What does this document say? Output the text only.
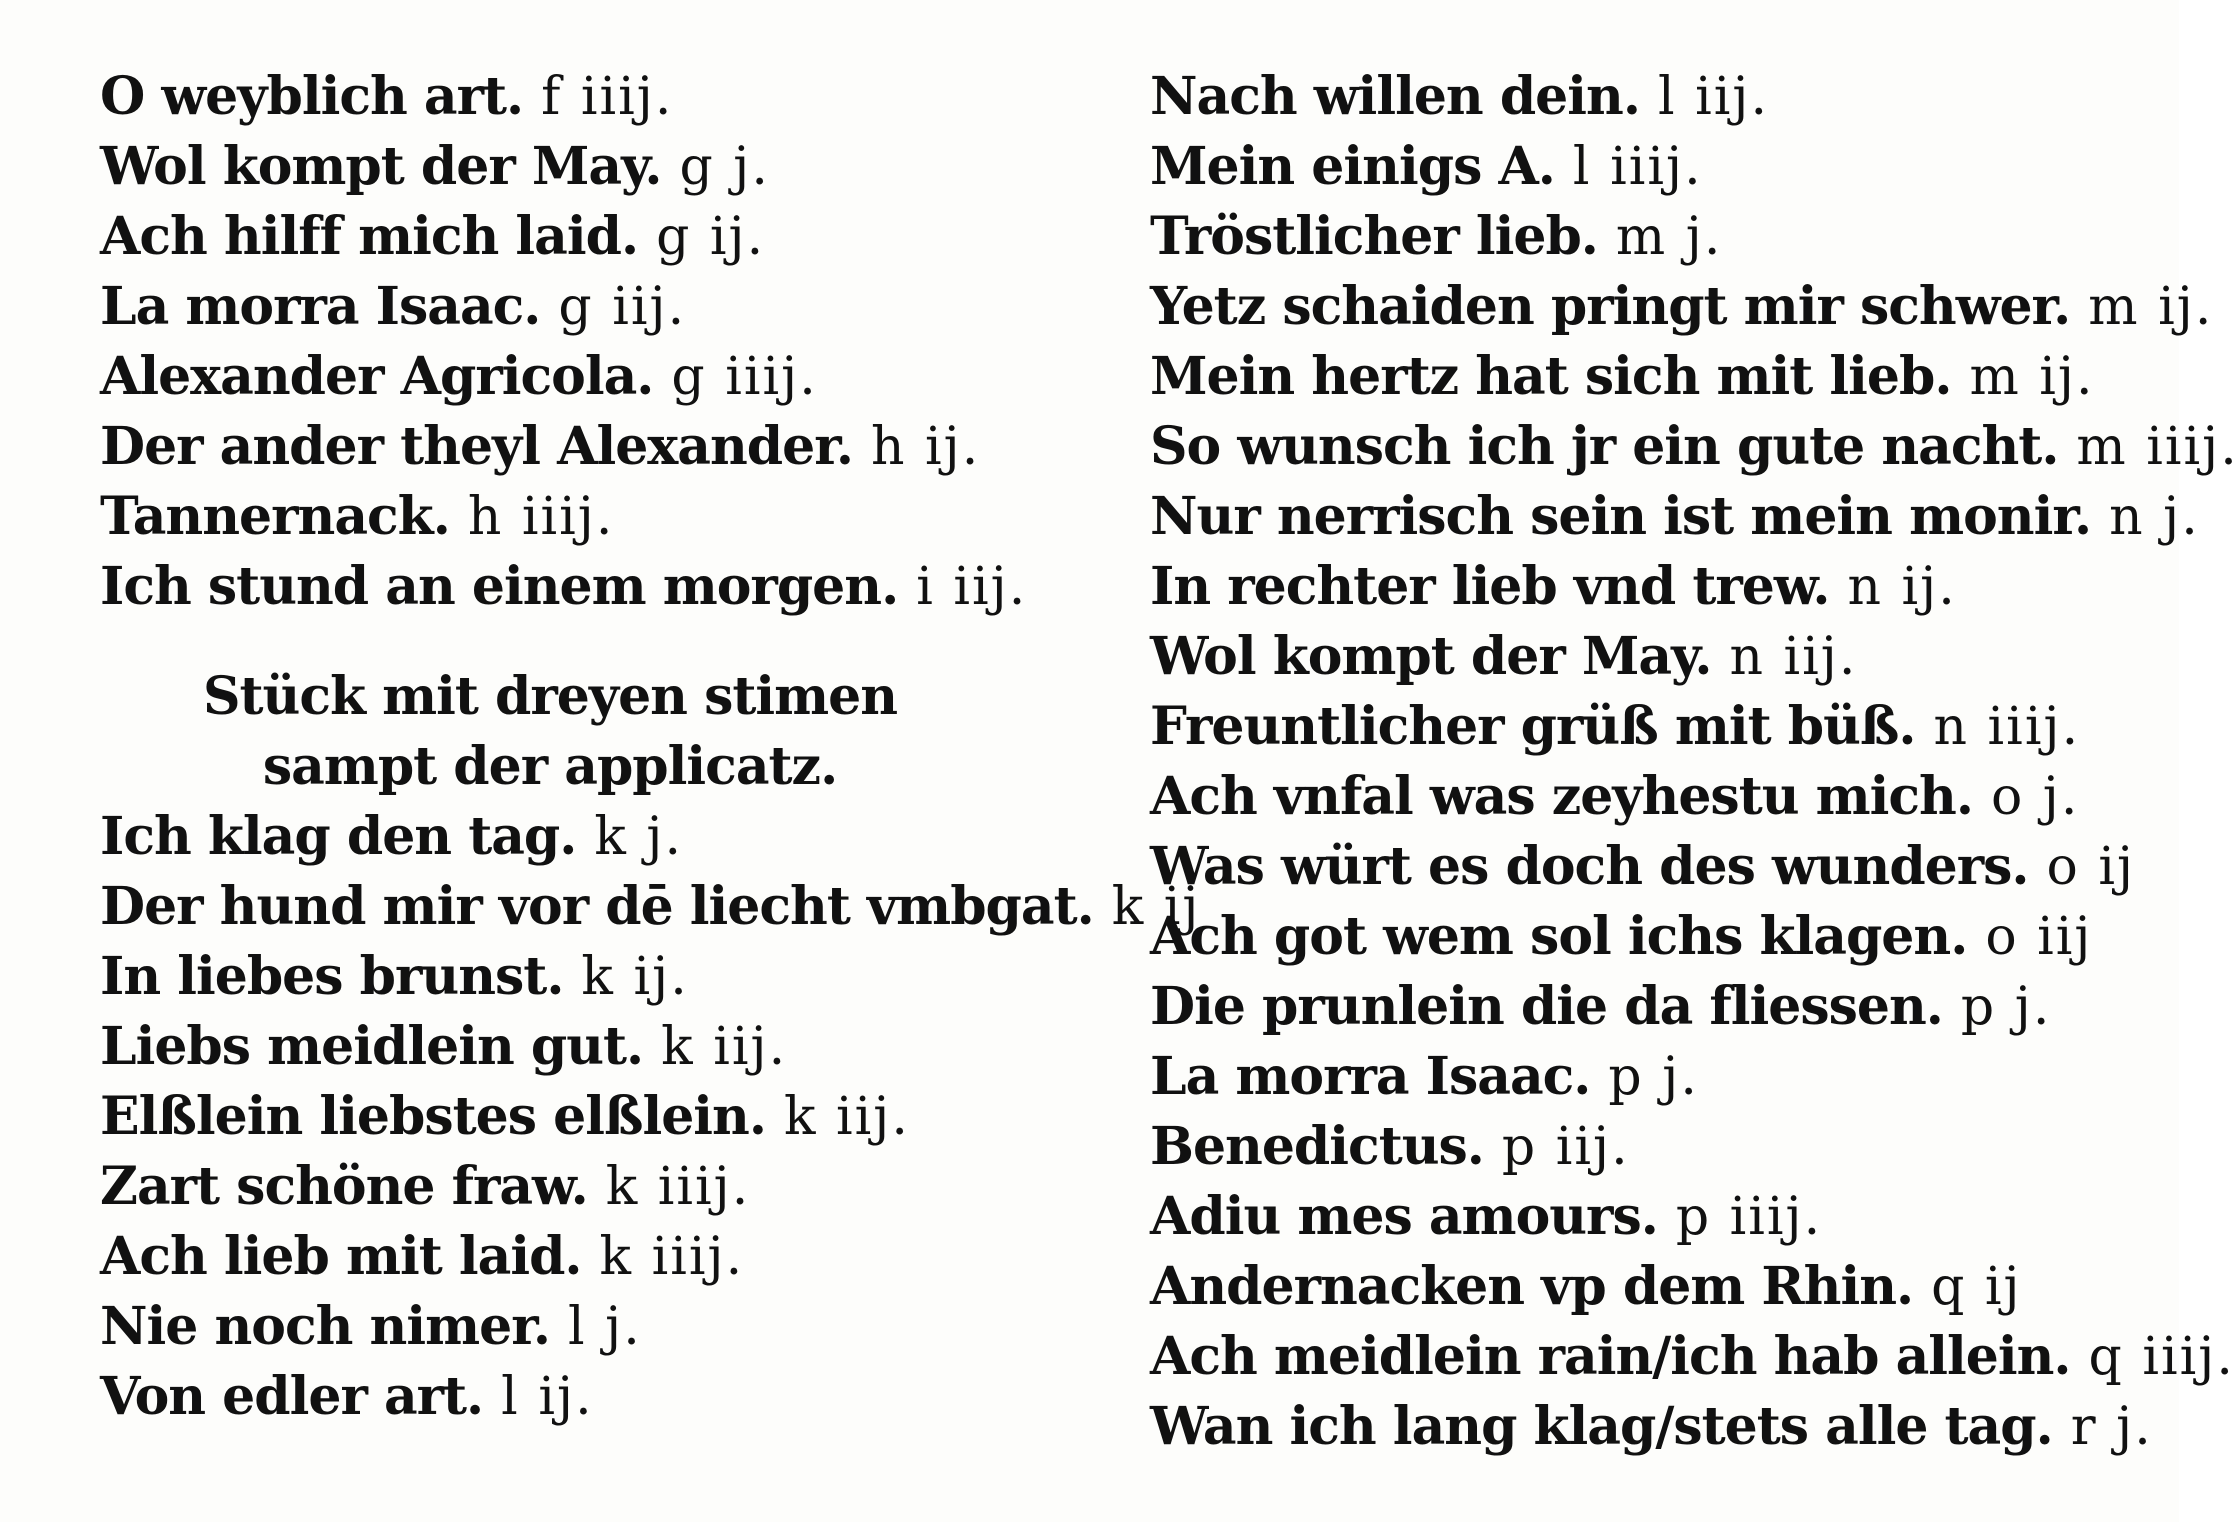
O weyblich art. f iiij.
Wol kompt der May. g j.
Ach hilff mich laid. g ij.
La morra Isaac. g iij.
Alexander Agricola. g iiij.
Der ander theyl Alexander. h ij.
Tannernack. h iiij.
Ich stund an einem morgen. i iij.
Stück mit dreyen stimen
sampt der applicatz.
Ich klag den tag. k j.
Der hund mir vor dē liecht vmbgat. k ij
In liebes brunst. k ij.
Liebs meidlein gut. k iij.
Elßlein liebstes elßlein. k iij.
Zart schöne fraw. k iiij.
Ach lieb mit laid. k iiij.
Nie noch nimer. l j.
Von edler art. l ij.
Nach willen dein. l iij.
Mein einigs A. l iiij.
Tröstlicher lieb. m j.
Yetz schaiden pringt mir schwer. m ij.
Mein hertz hat sich mit lieb. m ij.
So wunsch ich jr ein gute nacht. m iiij.
Nur nerrisch sein ist mein monir. n j.
In rechter lieb vnd trew. n ij.
Wol kompt der May. n iij.
Freuntlicher grüß mit büß. n iiij.
Ach vnfal was zeyhestu mich. o j.
Was würt es doch des wunders. o ij
Ach got wem sol ichs klagen. o iij
Die prunlein die da fliessen. p j.
La morra Isaac. p j.
Benedictus. p iij.
Adiu mes amours. p iiij.
Andernacken vp dem Rhin. q ij
Ach meidlein rain/ich hab allein. q iiij.
Wan ich lang klag/stets alle tag. r j.
